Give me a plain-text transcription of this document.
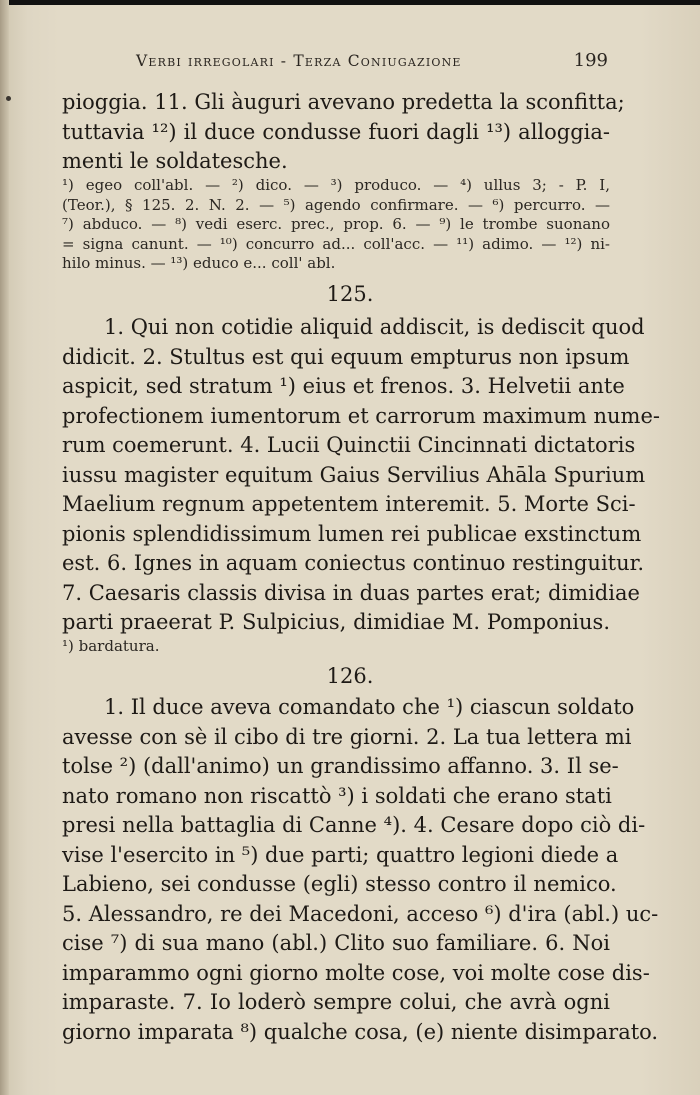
Verbi irregolari - Terza Coniugazione	199
pioggia. 11. Gli àuguri avevano predetta la sconfitta;
tuttavia ¹²) il duce condusse fuori dagli ¹³) alloggia-
menti le soldatesche.
¹) egeo coll'abl. — ²) dico. — ³) produco. — ⁴) ullus 3; - P. I,
(Teor.), § 125. 2. N. 2. — ⁵) agendo confirmare. — ⁶) percurro. —
⁷) abduco. — ⁸) vedi eserc. prec., prop. 6. — ⁹) le trombe suonano
= signa canunt. — ¹⁰) concurro ad... coll'acc. — ¹¹) adimo. — ¹²) ni-
hilo minus. — ¹³) educo e... coll' abl.
125.
1. Qui non cotidie aliquid addiscit, is dediscit quod
didicit. 2. Stultus est qui equum empturus non ipsum
aspicit, sed stratum ¹) eius et frenos. 3. Helvetii ante
profectionem iumentorum et carrorum maximum nume-
rum coemerunt. 4. Lucii Quinctii Cincinnati dictatoris
iussu magister equitum Gaius Servilius Ahāla Spurium
Maelium regnum appetentem interemit. 5. Morte Sci-
pionis splendidissimum lumen rei publicae exstinctum
est. 6. Ignes in aquam coniectus continuo restinguitur.
7. Caesaris classis divisa in duas partes erat; dimidiae
parti praeerat P. Sulpicius, dimidiae M. Pomponius.
¹) bardatura.
126.
1. Il duce aveva comandato che ¹) ciascun soldato
avesse con sè il cibo di tre giorni. 2. La tua lettera mi
tolse ²) (dall'animo) un grandissimo affanno. 3. Il se-
nato romano non riscattò ³) i soldati che erano stati
presi nella battaglia di Canne ⁴). 4. Cesare dopo ciò di-
vise l'esercito in ⁵) due parti; quattro legioni diede a
Labieno, sei condusse (egli) stesso contro il nemico.
5. Alessandro, re dei Macedoni, acceso ⁶) d'ira (abl.) uc-
cise ⁷) di sua mano (abl.) Clito suo familiare. 6. Noi
imparammo ogni giorno molte cose, voi molte cose dis-
imparaste. 7. Io loderò sempre colui, che avrà ogni
giorno imparata ⁸) qualche cosa, (e) niente disimparato.
